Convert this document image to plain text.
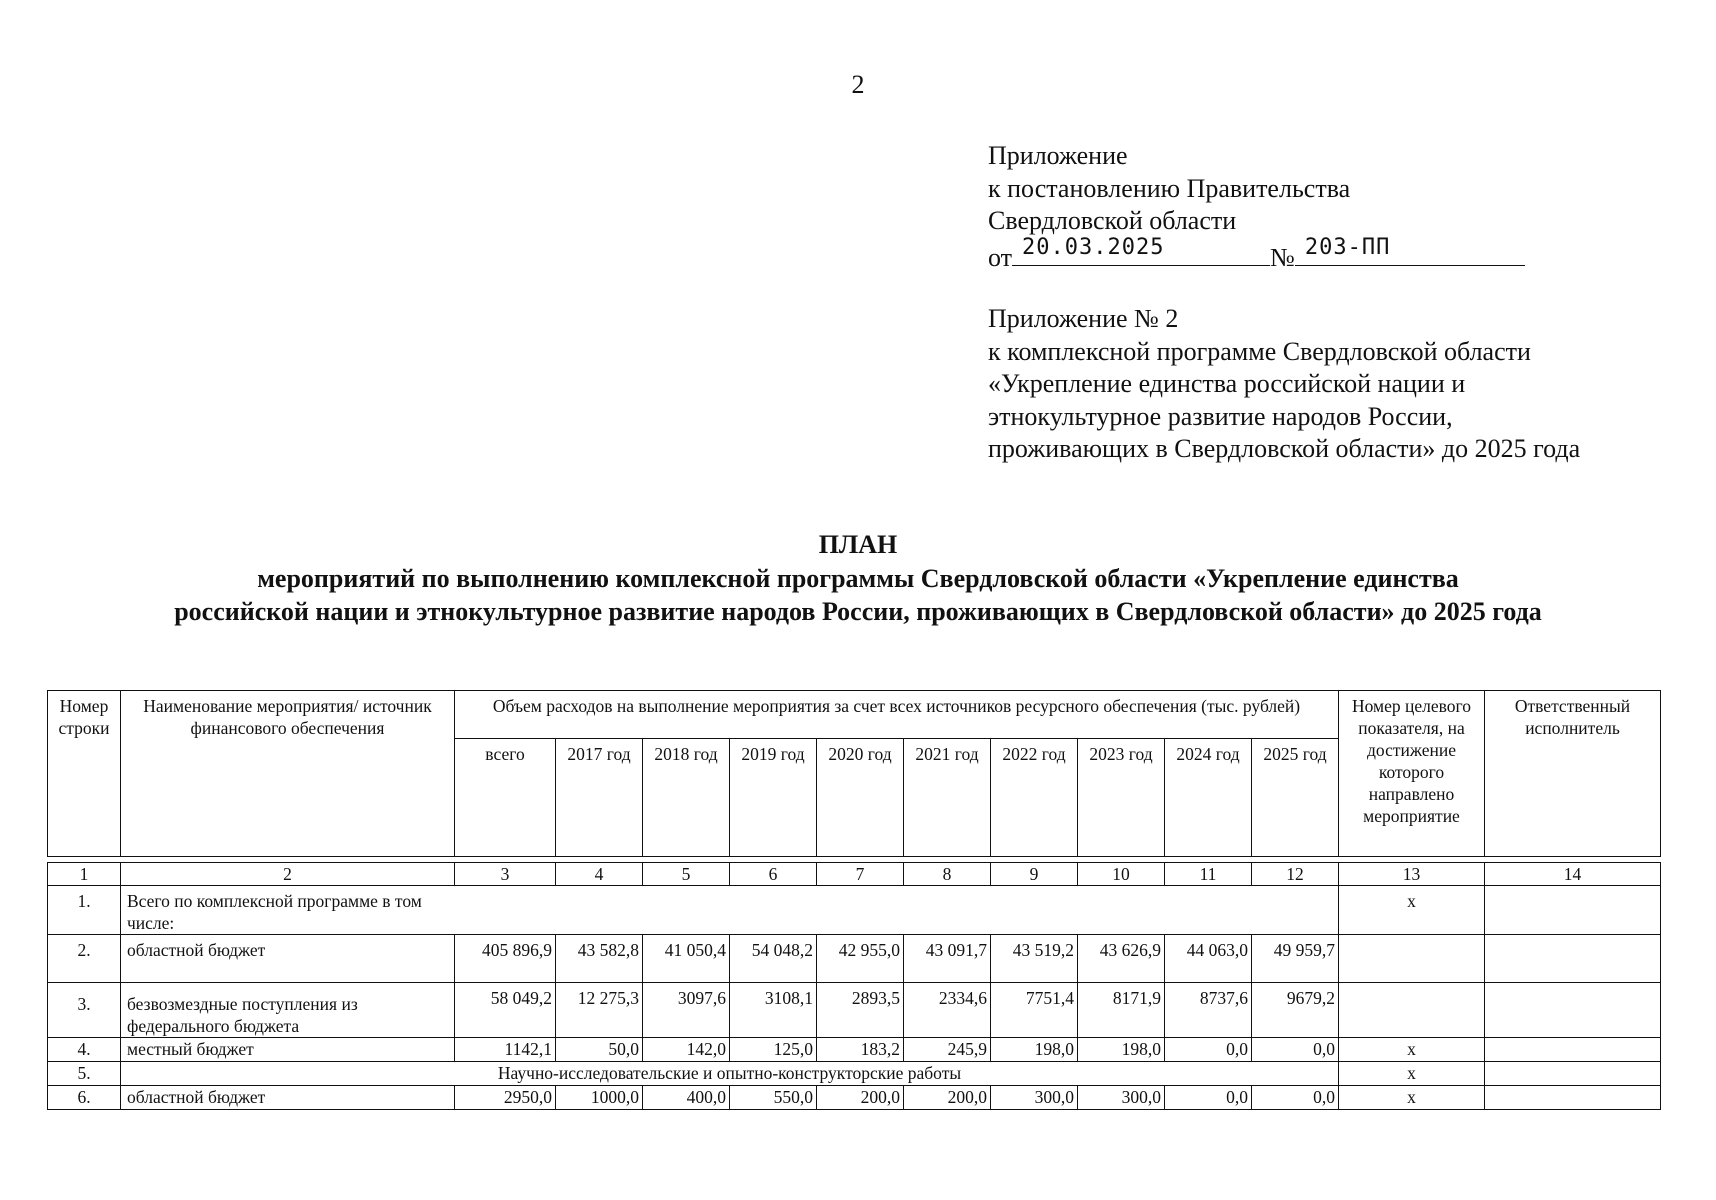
2
Приложение
к постановлению Правительства
Свердловской области
от 20.03.2025	№ 203-ПП
Приложение № 2
к комплексной программе Свердловской области
«Укрепление единства российской нации и
этнокультурное развитие народов России,
проживающих в Свердловской области» до 2025 года
ПЛАН
мероприятий по выполнению комплексной программы Свердловской области «Укрепление единства
российской нации и этнокультурное развитие народов России, проживающих в Свердловской области» до 2025 года
Номер строки	Наименование мероприятия/ источник финансового обеспечения	Объем расходов на выполнение мероприятия за счет всех источников ресурсного обеспечения (тыс. рублей)										Номер целевого показателя, на достижение которого направлено мероприятие	Ответственный исполнитель
		всего	2017 год	2018 год	2019 год	2020 год	2021 год	2022 год	2023 год	2024 год	2025 год		
1	2	3	4	5	6	7	8	9	10	11	12	13	14
1.	Всего по комплексной программе в том числе:											х	
2.	областной бюджет	405 896,9	43 582,8	41 050,4	54 048,2	42 955,0	43 091,7	43 519,2	43 626,9	44 063,0	49 959,7		
3.	безвозмездные поступления из федерального бюджета	58 049,2	12 275,3	3097,6	3108,1	2893,5	2334,6	7751,4	8171,9	8737,6	9679,2		
4.	местный бюджет	1142,1	50,0	142,0	125,0	183,2	245,9	198,0	198,0	0,0	0,0	х	
5.	Научно-исследовательские и опытно-конструкторские работы											х	
6.	областной бюджет	2950,0	1000,0	400,0	550,0	200,0	200,0	300,0	300,0	0,0	0,0	х	
